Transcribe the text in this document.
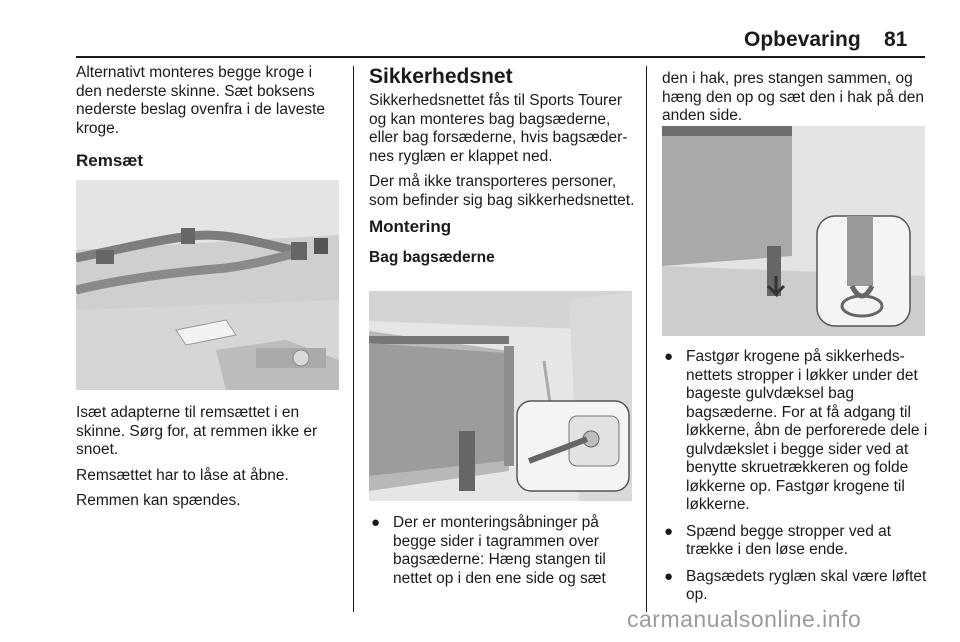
Opbevaring 81

Alternativt monteres begge kroge i den nederste skinne. Sæt boksens nederste beslag ovenfra i de laveste kroge.

Remsæt

Isæt adapterne til remsættet i en skinne. Sørg for, at remmen ikke er snoet.

Remsættet har to låse at åbne.

Remmen kan spændes.

Sikkerhedsnet

Sikkerhedsnettet fås til Sports Tourer og kan monteres bag bagsæderne, eller bag forsæderne, hvis bagsædernes ryglæn er klappet ned.

Der må ikke transporteres personer, som befinder sig bag sikkerhedsnettet.

Montering
Bag bagsæderne
● Der er monteringsåbninger på begge sider i tagrammen over bagsæderne: Hæng stangen til nettet op i den ene side og sæt

den i hak, pres stangen sammen, og hæng den op og sæt den i hak på den anden side.

● Fastgør krogene på sikkerhedsnettets stropper i løkker under det bageste gulvdæksel bag bagsæderne. For at få adgang til løkkerne, åbn de perforerede dele i gulvdækslet i begge sider ved at benytte skruetrækkeren og folde løkkerne op. Fastgør krogene til løkkerne.
● Spænd begge stropper ved at trække i den løse ende.
● Bagsædets ryglæn skal være løftet op.
carmanualsonline.info
